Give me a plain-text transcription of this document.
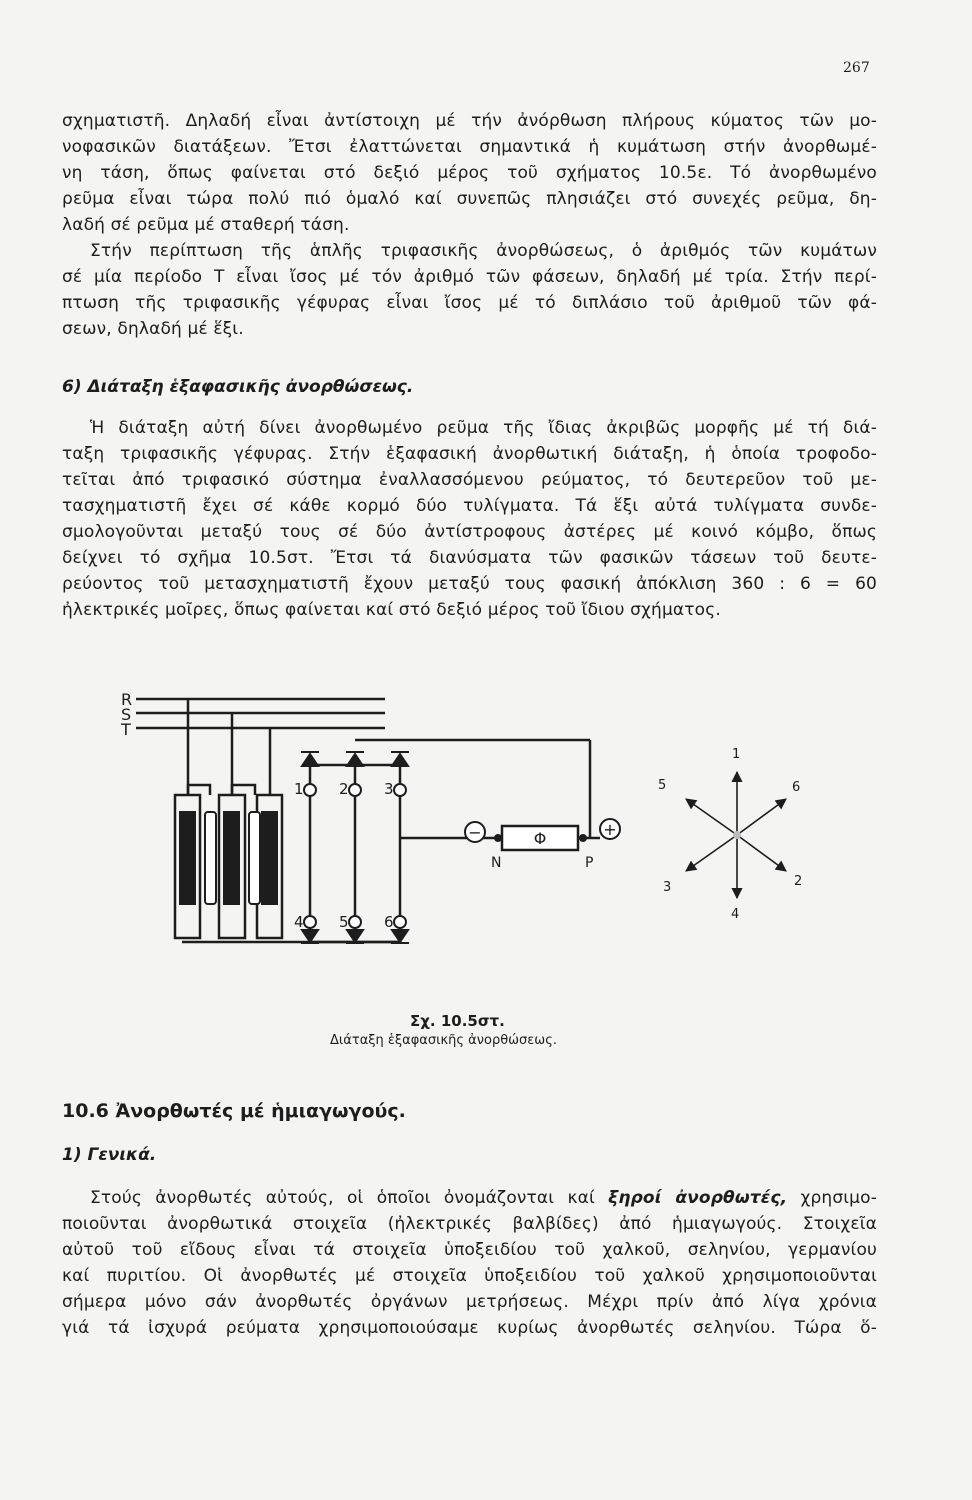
267
σχηματιστῆ. Δηλαδή εἶναι ἀντίστοιχη μέ τήν ἀνόρθωση πλήρους κύματος τῶν μο-
νοφασικῶν διατάξεων. Ἔτσι ἐλαττώνεται σημαντικά ἡ κυμάτωση στήν ἀνορθωμέ-
νη τάση, ὅπως φαίνεται στό δεξιό μέρος τοῦ σχήματος 10.5ε. Τό ἀνορθωμένο
ρεῦμα εἶναι τώρα πολύ πιό ὁμαλό καί συνεπῶς πλησιάζει στό συνεχές ρεῦμα, δη-
λαδή σέ ρεῦμα μέ σταθερή τάση.
Στήν περίπτωση τῆς ἁπλῆς τριφασικῆς ἀνορθώσεως, ὁ ἀριθμός τῶν κυμάτων
σέ μία περίοδο Τ εἶναι ἴσος μέ τόν ἀριθμό τῶν φάσεων, δηλαδή μέ τρία. Στήν περί-
πτωση τῆς τριφασικῆς γέφυρας εἶναι ἴσος μέ τό διπλάσιο τοῦ ἀριθμοῦ τῶν φά-
σεων, δηλαδή μέ ἕξι.
6) Διάταξη ἑξαφασικῆς ἀνορθώσεως.
Ἡ διάταξη αὐτή δίνει ἀνορθωμένο ρεῦμα τῆς ἴδιας ἀκριβῶς μορφῆς μέ τή διά-
ταξη τριφασικῆς γέφυρας. Στήν ἑξαφασική ἀνορθωτική διάταξη, ἡ ὁποία τροφοδο-
τεῖται ἀπό τριφασικό σύστημα ἐναλλασσόμενου ρεύματος, τό δευτερεῦον τοῦ με-
τασχηματιστῆ ἔχει σέ κάθε κορμό δύο τυλίγματα. Τά ἕξι αὐτά τυλίγματα συνδε-
σμολογοῦνται μεταξύ τους σέ δύο ἀντίστροφους ἀστέρες μέ κοινό κόμβο, ὅπως
δείχνει τό σχῆμα 10.5στ. Ἔτσι τά διανύσματα τῶν φασικῶν τάσεων τοῦ δευτε-
ρεύοντος τοῦ μετασχηματιστῆ ἔχουν μεταξύ τους φασική ἀπόκλιση 360 : 6 = 60
ἠλεκτρικές μοῖρες, ὅπως φαίνεται καί στό δεξιό μέρος τοῦ ἴδιου σχήματος.
R
S
T
1 2 3
4 5 6
−	+
Φ
N	P
1
2
3
4
5	6
Σχ. 10.5στ.
Διάταξη ἑξαφασικῆς ἀνορθώσεως.
10.6 Ἀνορθωτές μέ ἡμιαγωγούς.
1) Γενικά.
Στούς ἀνορθωτές αὐτούς, οἱ ὁποῖοι ὀνομάζονται καί ξηροί ἀνορθωτές, χρησιμο-
ποιοῦνται ἀνορθωτικά στοιχεῖα (ἠλεκτρικές βαλβίδες) ἀπό ἡμιαγωγούς. Στοιχεῖα
αὐτοῦ τοῦ εἴδους εἶναι τά στοιχεῖα ὑποξειδίου τοῦ χαλκοῦ, σεληνίου, γερμανίου
καί πυριτίου. Οἱ ἀνορθωτές μέ στοιχεῖα ὑποξειδίου τοῦ χαλκοῦ χρησιμοποιοῦνται
σήμερα μόνο σάν ἀνορθωτές ὀργάνων μετρήσεως. Μέχρι πρίν ἀπό λίγα χρόνια
γιά τά ἰσχυρά ρεύματα χρησιμοποιούσαμε κυρίως ἀνορθωτές σεληνίου. Τώρα ὅ-
